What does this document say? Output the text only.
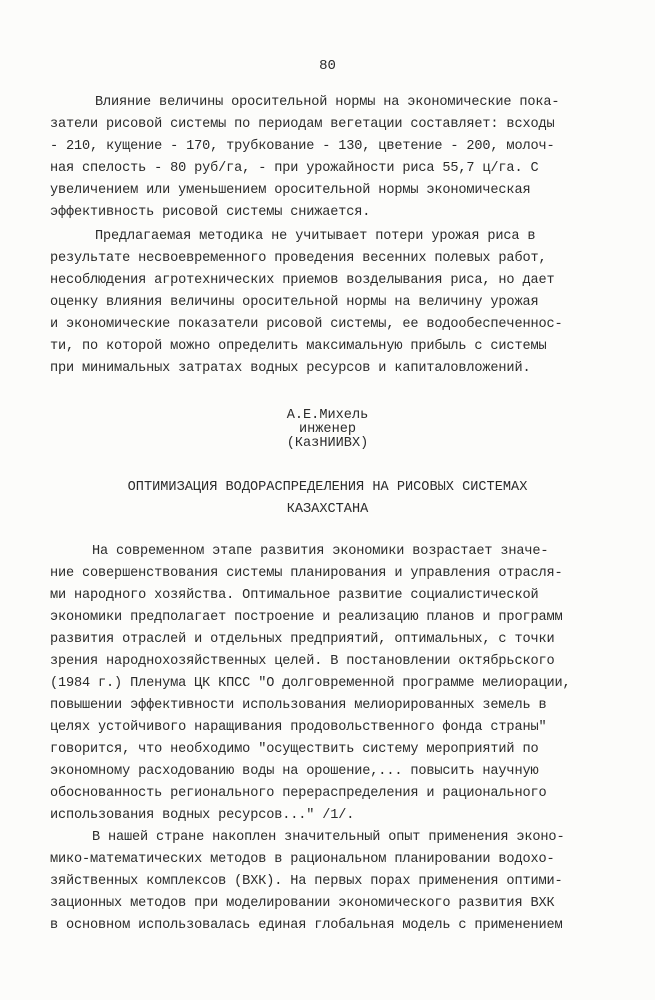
80
Влияние величины оросительной нормы на экономические пока-
затели рисовой системы по периодам вегетации составляет: всходы
- 210, кущение - 170, трубкование - 130, цветение - 200, молоч-
ная спелость - 80 руб/га, - при урожайности риса 55,7 ц/га. С
увеличением или уменьшением оросительной нормы экономическая
эффективность рисовой системы снижается.
Предлагаемая методика не учитывает потери урожая риса в
результате несвоевременного проведения весенних полевых работ,
несоблюдения агротехнических приемов возделывания риса, но дает
оценку влияния величины оросительной нормы на величину урожая
и экономические показатели рисовой системы, ее водообеспеченнос-
ти, по которой можно определить максимальную прибыль с системы
при минимальных затратах водных ресурсов и капиталовложений.
А.Е.Михель
инженер
(КазНИИВХ)
ОПТИМИЗАЦИЯ ВОДОРАСПРЕДЕЛЕНИЯ НА РИСОВЫХ СИСТЕМАХ
КАЗАХСТАНА
На современном этапе развития экономики возрастает значе-
ние совершенствования системы планирования и управления отрасля-
ми народного хозяйства. Оптимальное развитие социалистической
экономики предполагает построение и реализацию планов и программ
развития отраслей и отдельных предприятий, оптимальных, с точки
зрения народнохозяйственных целей. В постановлении октябрьского
(1984 г.) Пленума ЦК КПСС "О долговременной программе мелиорации,
повышении эффективности использования мелиорированных земель в
целях устойчивого наращивания продовольственного фонда страны"
говорится, что необходимо "осуществить систему мероприятий по
экономному расходованию воды на орошение,... повысить научную
обоснованность регионального перераспределения и рационального
использования водных ресурсов..." /1/.
В нашей стране накоплен значительный опыт применения эконо-
мико-математических методов в рациональном планировании водохо-
зяйственных комплексов (ВХК). На первых порах применения оптими-
зационных методов при моделировании экономического развития ВХК
в основном использовалась единая глобальная модель с применением
